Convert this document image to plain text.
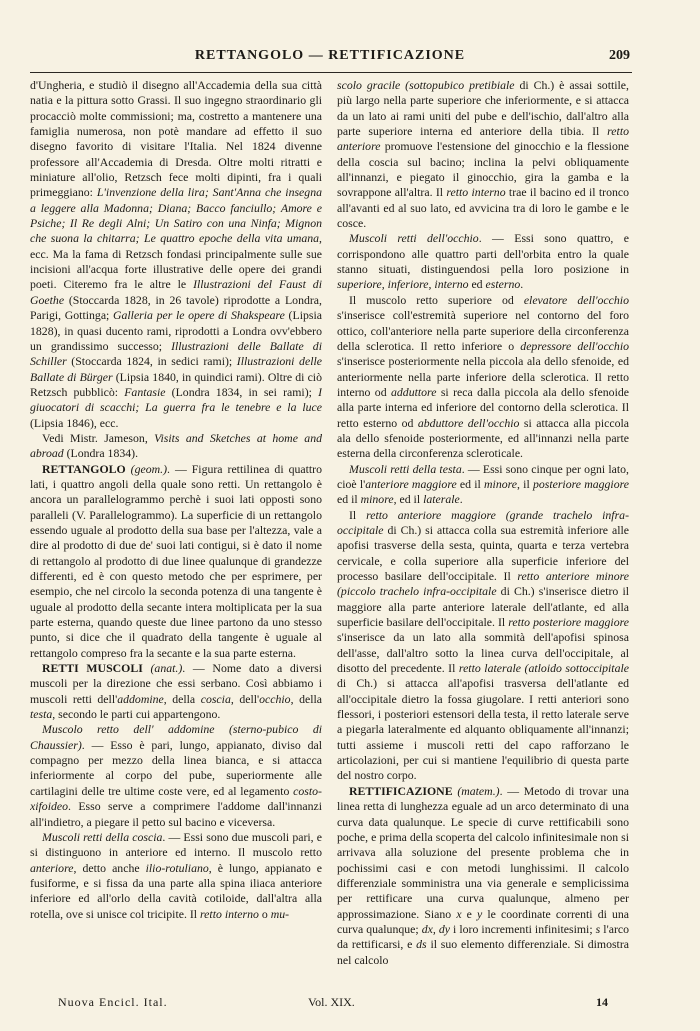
RETTANGOLO — RETTIFICAZIONE	209

d'Ungheria, e studiò il disegno all'Accademia della sua città natia e la pittura sotto Grassi. Il suo ingegno straordinario gli procacciò molte commissioni; ma, costretto a mantenere una famiglia numerosa, non potè mandare ad effetto il suo disegno favorito di visitare l'Italia. Nel 1824 divenne professore all'Accademia di Dresda. Oltre molti ritratti e miniature all'olio, Retzsch fece molti dipinti, fra i quali primeggiano: L'invenzione della lira; Sant'Anna che insegna a leggere alla Madonna; Diana; Bacco fanciullo; Amore e Psiche; Il Re degli Alni; Un Satiro con una Ninfa; Mignon che suona la chitarra; Le quattro epoche della vita umana, ecc. Ma la fama di Retzsch fondasi principalmente sulle sue incisioni all'acqua forte illustrative delle opere dei grandi poeti. Citeremo fra le altre le Illustrazioni del Faust di Goethe (Stoccarda 1828, in 26 tavole) riprodotte a Londra, Parigi, Gottinga; Galleria per le opere di Shakspeare (Lipsia 1828), in quasi ducento rami, riprodotti a Londra ovv'ebbero un grandissimo successo; Illustrazioni delle Ballate di Schiller (Stoccarda 1824, in sedici rami); Illustrazioni delle Ballate di Bürger (Lipsia 1840, in quindici rami). Oltre di ciò Retzsch pubblicò: Fantasie (Londra 1834, in sei rami); I giuocatori di scacchi; La guerra fra le tenebre e la luce (Lipsia 1846), ecc.

Vedi Mistr. Jameson, Visits and Sketches at home and abroad (Londra 1834).

RETTANGOLO (geom.). — Figura rettilinea di quattro lati, i quattro angoli della quale sono retti. Un rettangolo è ancora un parallelogrammo perchè i suoi lati opposti sono paralleli (V. Parallelogrammo). La superficie di un rettangolo essendo uguale al prodotto della sua base per l'altezza, vale a dire al prodotto di due de' suoi lati contigui, si è dato il nome di rettangolo al prodotto di due linee qualunque di grandezze differenti, ed è con questo metodo che per esprimere, per esempio, che nel circolo la seconda potenza di una tangente è uguale al prodotto della secante intera moltiplicata per la sua parte esterna, quando queste due linee partono da uno stesso punto, si dice che il quadrato della tangente è uguale al rettangolo compreso fra la secante e la sua parte esterna.

RETTI MUSCOLI (anat.). — Nome dato a diversi muscoli per la direzione che essi serbano. Così abbiamo i muscoli retti dell'addomine, della coscia, dell'occhio, della testa, secondo le parti cui appartengono.

Muscolo retto dell' addomine (sterno-pubico di Chaussier). — Esso è pari, lungo, appianato, diviso dal compagno per mezzo della linea bianca, e si attacca inferiormente al corpo del pube, superiormente alle cartilagini delle tre ultime coste vere, ed al legamento costo-xifoideo. Esso serve a comprimere l'addome dall'innanzi all'indietro, a piegare il petto sul bacino e viceversa.

Muscoli retti della coscia. — Essi sono due muscoli pari, e si distinguono in anteriore ed interno. Il muscolo retto anteriore, detto anche ilio-rotuliano, è lungo, appianato e fusiforme, e si fissa da una parte alla spina iliaca anteriore inferiore ed all'orlo della cavità cotiloide, dall'altra alla rotella, ove si unisce col tricipite. Il retto interno o mu-

scolo gracile (sottopubico pretibiale di Ch.) è assai sottile, più largo nella parte superiore che inferiormente, e si attacca da un lato ai rami uniti del pube e dell'ischio, dall'altro alla parte superiore interna ed anteriore della tibia. Il retto anteriore promuove l'estensione del ginocchio e la flessione della coscia sul bacino; inclina la pelvi obliquamente all'innanzi, e piegato il ginocchio, gira la gamba e la sovrappone all'altra. Il retto interno trae il bacino ed il tronco all'avanti ed al suo lato, ed avvicina tra di loro le gambe e le cosce.

Muscoli retti dell'occhio. — Essi sono quattro, e corrispondono alle quattro parti dell'orbita entro la quale stanno situati, distinguendosi pella loro posizione in superiore, inferiore, interno ed esterno.

Il muscolo retto superiore od elevatore dell'occhio s'inserisce coll'estremità superiore nel contorno del foro ottico, coll'anteriore nella parte superiore della circonferenza della sclerotica. Il retto inferiore o depressore dell'occhio s'inserisce posteriormente nella piccola ala dello sfenoide, ed anteriormente nella parte inferiore della sclerotica. Il retto interno od adduttore si reca dalla piccola ala dello sfenoide alla parte interna ed inferiore del contorno della sclerotica. Il retto esterno od abduttore dell'occhio si attacca alla piccola ala dello sfenoide posteriormente, ed all'innanzi nella parte esterna della circonferenza scleroticale.

Muscoli retti della testa. — Essi sono cinque per ogni lato, cioè l'anteriore maggiore ed il minore, il posteriore maggiore ed il minore, ed il laterale.

Il retto anteriore maggiore (grande trachelo infra-occipitale di Ch.) si attacca colla sua estremità inferiore alle apofisi trasverse della sesta, quinta, quarta e terza vertebra cervicale, e colla superiore alla superficie inferiore del processo basilare dell'occipitale. Il retto anteriore minore (piccolo trachelo infra-occipitale di Ch.) s'inserisce dietro il maggiore alla parte anteriore laterale dell'atlante, ed alla superficie basilare dell'occipitale. Il retto posteriore maggiore s'inserisce da un lato alla sommità dell'apofisi spinosa dell'asse, dall'altro sotto la linea curva dell'occipitale, al disotto del precedente. Il retto laterale (atloido sottoccipitale di Ch.) si attacca all'apofisi trasversa dell'atlante ed all'occipitale dietro la fossa giugolare. I retti anteriori sono flessori, i posteriori estensori della testa, il retto laterale serve a piegarla lateralmente ed alquanto obliquamente all'innanzi; tutti assieme i muscoli retti del capo rafforzano le articolazioni, per cui si mantiene l'equilibrio di questa parte del nostro corpo.

RETTIFICAZIONE (matem.). — Metodo di trovar una linea retta di lunghezza eguale ad un arco determinato di una curva data qualunque. Le specie di curve rettificabili sono poche, e prima della scoperta del calcolo infinitesimale non si arrivava alla soluzione del presente problema che in pochissimi casi e con metodi lunghissimi. Il calcolo differenziale somministra una via generale e semplicissima per rettificare una curva qualunque, almeno per approssimazione. Siano x e y le coordinate correnti di una curva qualunque; dx, dy i loro incrementi infinitesimi; s l'arco da rettificarsi, e ds il suo elemento differenziale. Si dimostra nel calcolo

Nuova Encicl. Ital.	Vol. XIX.	14
